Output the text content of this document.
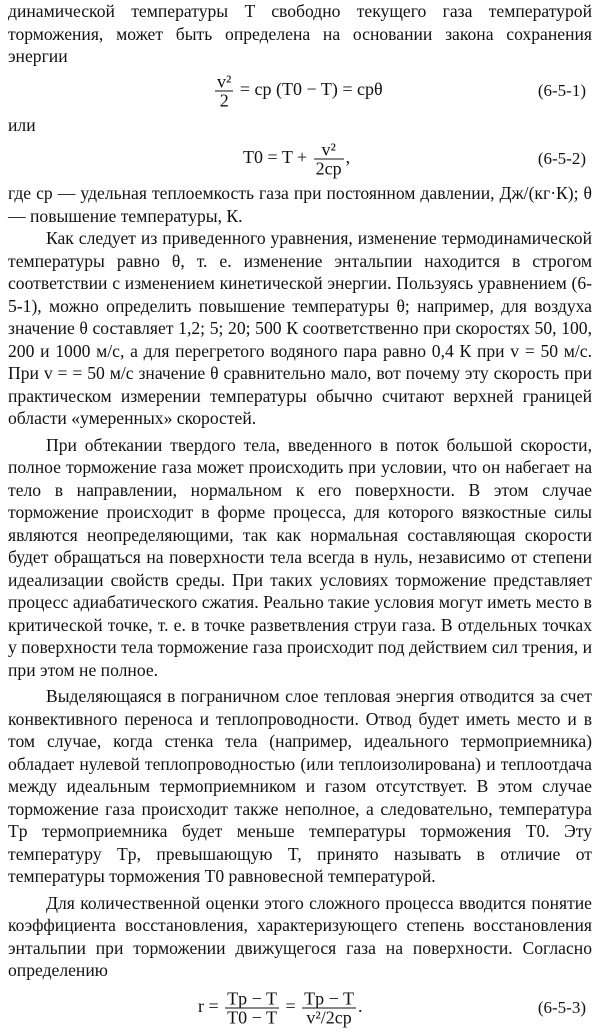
динамической температуры T свободно текущего газа температурой торможения, может быть определена на основании закона сохранения энергии

$\frac{\text{v²}}{2}$ = cp (T0 − T) = cpθ	(6-5-1)

или

$T0 = T + \frac{\text{v²}}{2cp}$ ,	(6-5-2)

где cp — удельная теплоемкость газа при постоянном давлении, Дж/(кг·К); θ — повышение температуры, К.

Как следует из приведенного уравнения, изменение термодинамической температуры равно θ, т. е. изменение энтальпии находится в строгом соответствии с изменением кинетической энергии. Пользуясь уравнением (6-5-1), можно определить повышение температуры θ; например, для воздуха значение θ составляет 1,2; 5; 20; 500 К соответственно при скоростях 50, 100, 200 и 1000 м/с, а для перегретого водяного пара равно 0,4 К при v = 50 м/с. При v = = 50 м/с значение θ сравнительно мало, вот почему эту скорость при практическом измерении температуры обычно считают верхней границей области «умеренных» скоростей.

При обтекании твердого тела, введенного в поток большой скорости, полное торможение газа может происходить при условии, что он набегает на тело в направлении, нормальном к его поверхности. В этом случае торможение происходит в форме процесса, для которого вязкостные силы являются неопределяющими, так как нормальная составляющая скорости будет обращаться на поверхности тела всегда в нуль, независимо от степени идеализации свойств среды. При таких условиях торможение представляет процесс адиабатического сжатия. Реально такие условия могут иметь место в критической точке, т. е. в точке разветвления струи газа. В отдельных точках у поверхности тела торможение газа происходит под действием сил трения, и при этом не полное.

Выделяющаяся в пограничном слое тепловая энергия отводится за счет конвективного переноса и теплопроводности. Отвод будет иметь место и в том случае, когда стенка тела (например, идеального термоприемника) обладает нулевой теплопроводностью (или теплоизолирована) и теплоотдача между идеальным термоприемником и газом отсутствует. В этом случае торможение газа происходит также неполное, а следовательно, температура Tp термоприемника будет меньше температуры торможения T0. Эту температуру Tp, превышающую T, принято называть в отличие от температуры торможения T0 равновесной температурой.

Для количественной оценки этого сложного процесса вводится понятие коэффициента восстановления, характеризующего степень восстановления энтальпии при торможении движущегося газа на поверхности. Согласно определению

$r = \frac{Tp - T}{T0 - T} = \frac{Tp - T}{\text{v²/2cp}}$ .	(6-5-3)
